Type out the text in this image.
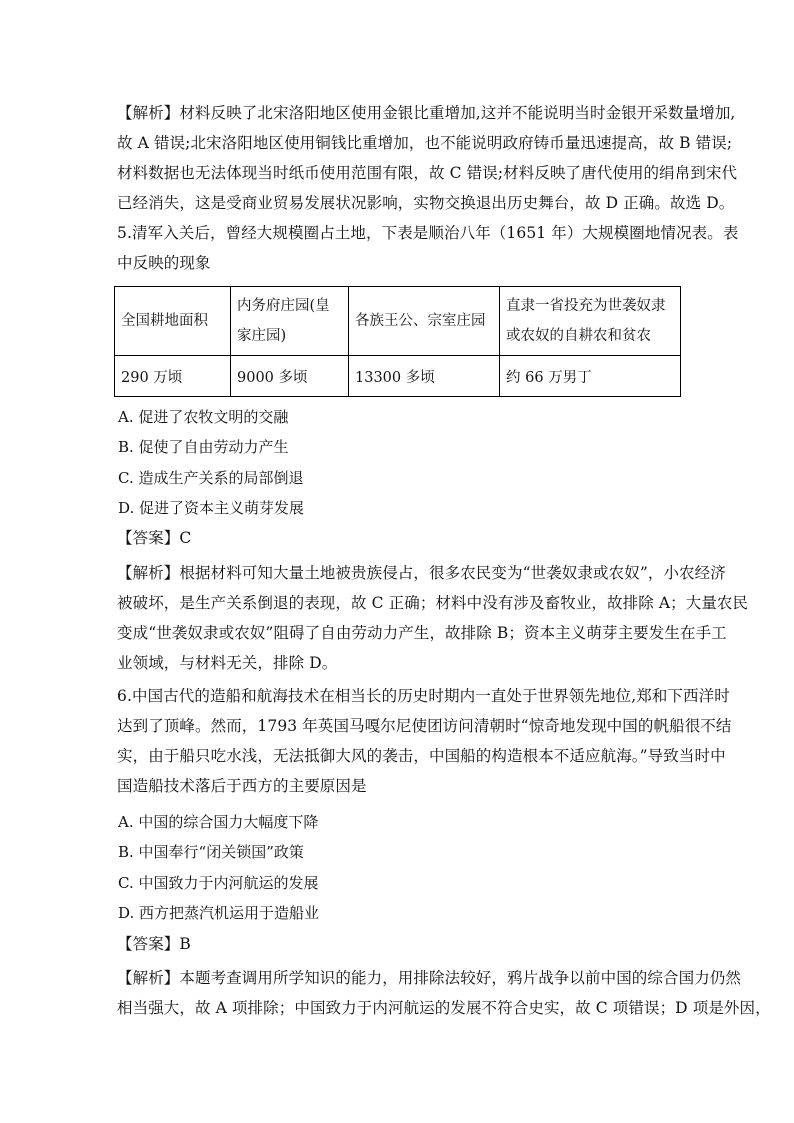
【解析】材料反映了北宋洛阳地区使用金银比重增加,这并不能说明当时金银开采数量增加,
故 A 错误;北宋洛阳地区使用铜钱比重增加，也不能说明政府铸币量迅速提高，故 B 错误;
材料数据也无法体现当时纸币使用范围有限，故 C 错误;材料反映了唐代使用的绢帛到宋代
已经消失，这是受商业贸易发展状况影响，实物交换退出历史舞台，故 D 正确。故选 D。
5.清军入关后，曾经大规模圈占土地，下表是顺治八年（1651 年）大规模圈地情况表。表
中反映的现象
全国耕地面积	内务府庄园(皇家庄园)	各族王公、宗室庄园	直隶一省投充为世袭奴隶或农奴的自耕农和贫农
290 万顷	9000 多顷	13300 多顷	约 66 万男丁
A. 促进了农牧文明的交融
B. 促使了自由劳动力产生
C. 造成生产关系的局部倒退
D. 促进了资本主义萌芽发展
【答案】C
【解析】根据材料可知大量土地被贵族侵占，很多农民变为“世袭奴隶或农奴”，小农经济
被破坏，是生产关系倒退的表现，故 C 正确；材料中没有涉及畜牧业，故排除 A；大量农民
变成“世袭奴隶或农奴”阻碍了自由劳动力产生，故排除 B；资本主义萌芽主要发生在手工
业领域，与材料无关，排除 D。
6.中国古代的造船和航海技术在相当长的历史时期内一直处于世界领先地位,郑和下西洋时
达到了顶峰。然而，1793 年英国马嘎尔尼使团访问清朝时“惊奇地发现中国的帆船很不结
实，由于船只吃水浅，无法抵御大风的袭击，中国船的构造根本不适应航海。”导致当时中
国造船技术落后于西方的主要原因是
A. 中国的综合国力大幅度下降
B. 中国奉行“闭关锁国”政策
C. 中国致力于内河航运的发展
D. 西方把蒸汽机运用于造船业
【答案】B
【解析】本题考查调用所学知识的能力，用排除法较好，鸦片战争以前中国的综合国力仍然
相当强大，故 A 项排除；中国致力于内河航运的发展不符合史实，故 C 项错误；D 项是外因，
